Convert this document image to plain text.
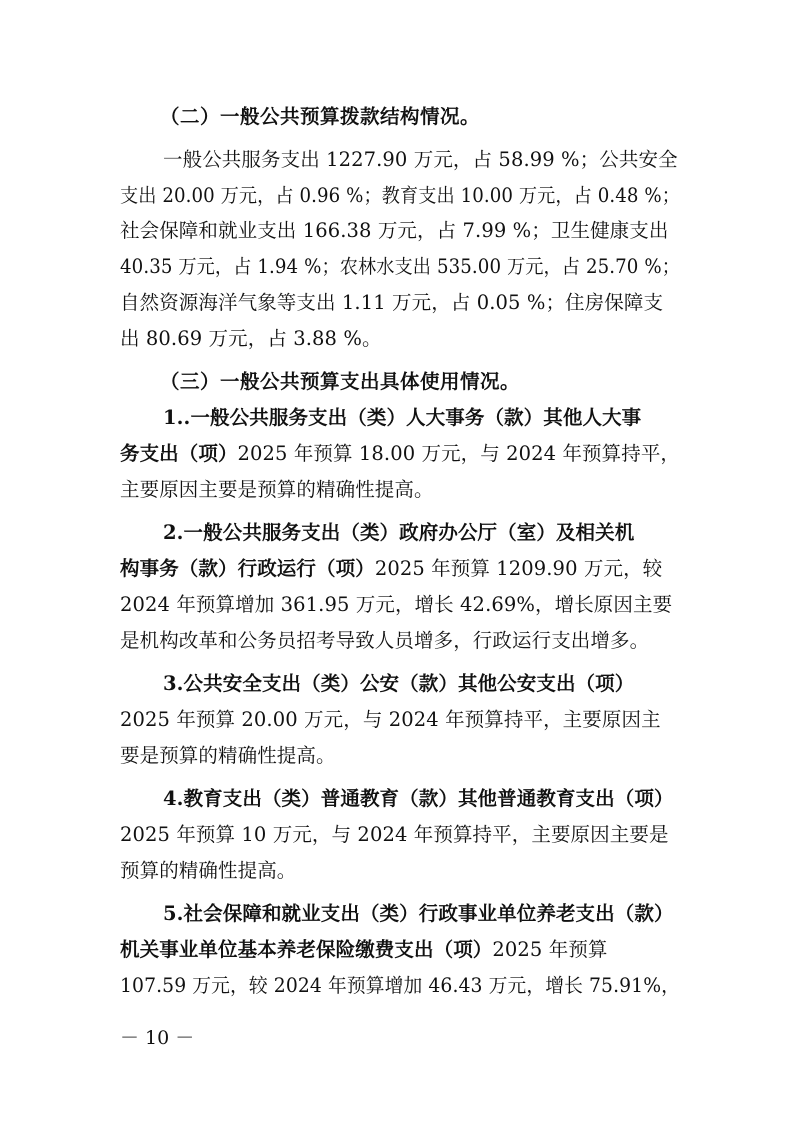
（二）一般公共预算拨款结构情况。
一般公共服务支出 1227.90 万元，占 58.99 %；公共安全
支出 20.00 万元，占 0.96 %；教育支出 10.00 万元，占 0.48 %；
社会保障和就业支出 166.38 万元，占 7.99 %；卫生健康支出
40.35 万元，占 1.94 %；农林水支出 535.00 万元，占 25.70 %；
自然资源海洋气象等支出 1.11 万元，占 0.05 %；住房保障支
出 80.69 万元，占 3.88 %。
（三）一般公共预算支出具体使用情况。
1..一般公共服务支出（类）人大事务（款）其他人大事
务支出（项）2025 年预算 18.00 万元，与 2024 年预算持平，
主要原因主要是预算的精确性提高。
2.一般公共服务支出（类）政府办公厅（室）及相关机
构事务（款）行政运行（项）2025 年预算 1209.90 万元，较
2024 年预算增加 361.95 万元，增长 42.69%，增长原因主要
是机构改革和公务员招考导致人员增多，行政运行支出增多。
3.公共安全支出（类）公安（款）其他公安支出（项）
2025 年预算 20.00 万元，与 2024 年预算持平，主要原因主
要是预算的精确性提高。
4.教育支出（类）普通教育（款）其他普通教育支出（项）
2025 年预算 10 万元，与 2024 年预算持平，主要原因主要是
预算的精确性提高。
5.社会保障和就业支出（类）行政事业单位养老支出（款）
机关事业单位基本养老保险缴费支出（项）2025 年预算
107.59 万元，较 2024 年预算增加 46.43 万元，增长 75.91%，
－ 10 －
